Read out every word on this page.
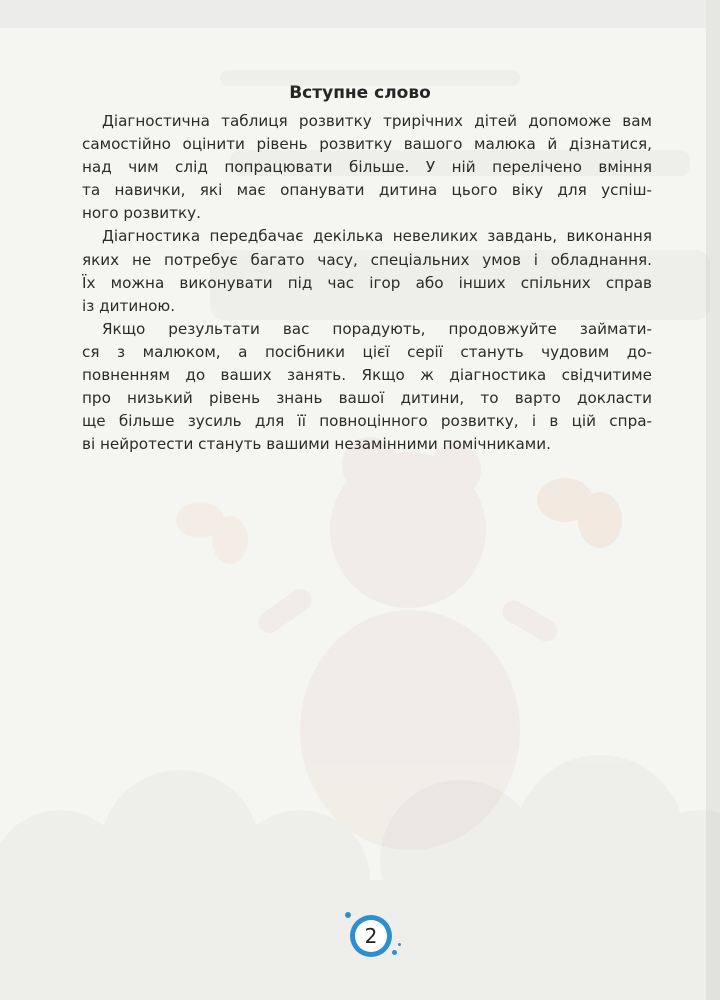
Вступне слово
Діагностична таблиця розвитку трирічних дітей допоможе вам
самостійно оцінити рівень розвитку вашого малюка й дізнатися,
над чим слід попрацювати більше. У ній перелічено вміння
та навички, які має опанувати дитина цього віку для успіш-
ного розвитку.
Діагностика передбачає декілька невеликих завдань, виконання
яких не потребує багато часу, спеціальних умов і обладнання.
Їх можна виконувати під час ігор або інших спільних справ
із дитиною.
Якщо результати вас порадують, продовжуйте займати-
ся з малюком, а посібники цієї серії стануть чудовим до-
повненням до ваших занять. Якщо ж діагностика свідчитиме
про низький рівень знань вашої дитини, то варто докласти
ще більше зусиль для її повноцінного розвитку, і в цій спра-
ві нейротести стануть вашими незамінними помічниками.
2
